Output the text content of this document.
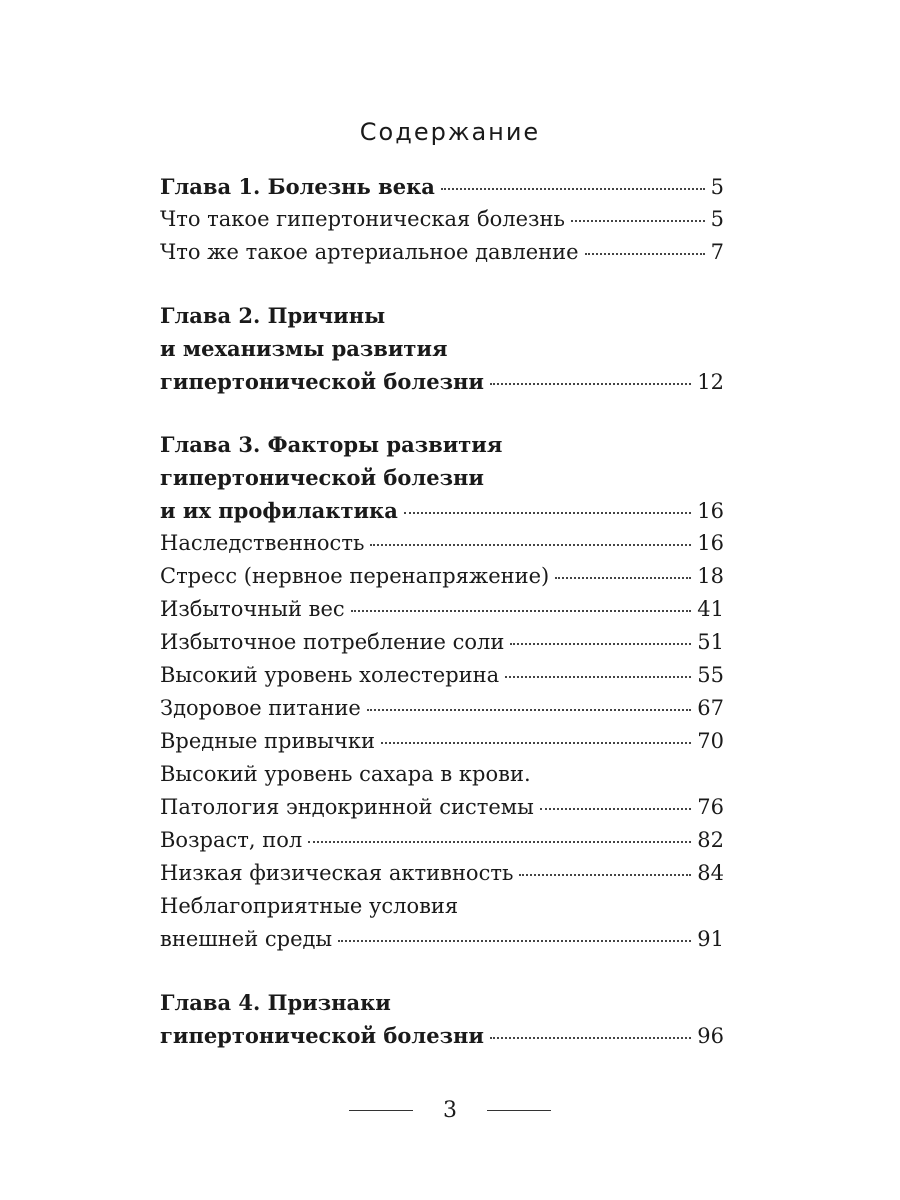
Содержание
Глава 1. Болезнь века	5
Что такое гипертоническая болезнь	5
Что же такое артериальное давление	7
Глава 2. Причины
и механизмы развития
гипертонической болезни	12
Глава 3. Факторы развития
гипертонической болезни
и их профилактика	16
Наследственность	16
Стресс (нервное перенапряжение)	18
Избыточный вес	41
Избыточное потребление соли	51
Высокий уровень холестерина	55
Здоровое питание	67
Вредные привычки	70
Высокий уровень сахара в крови.
Патология эндокринной системы	76
Возраст, пол	82
Низкая физическая активность	84
Неблагоприятные условия
внешней среды	91
Глава 4. Признаки
гипертонической болезни	96
3
